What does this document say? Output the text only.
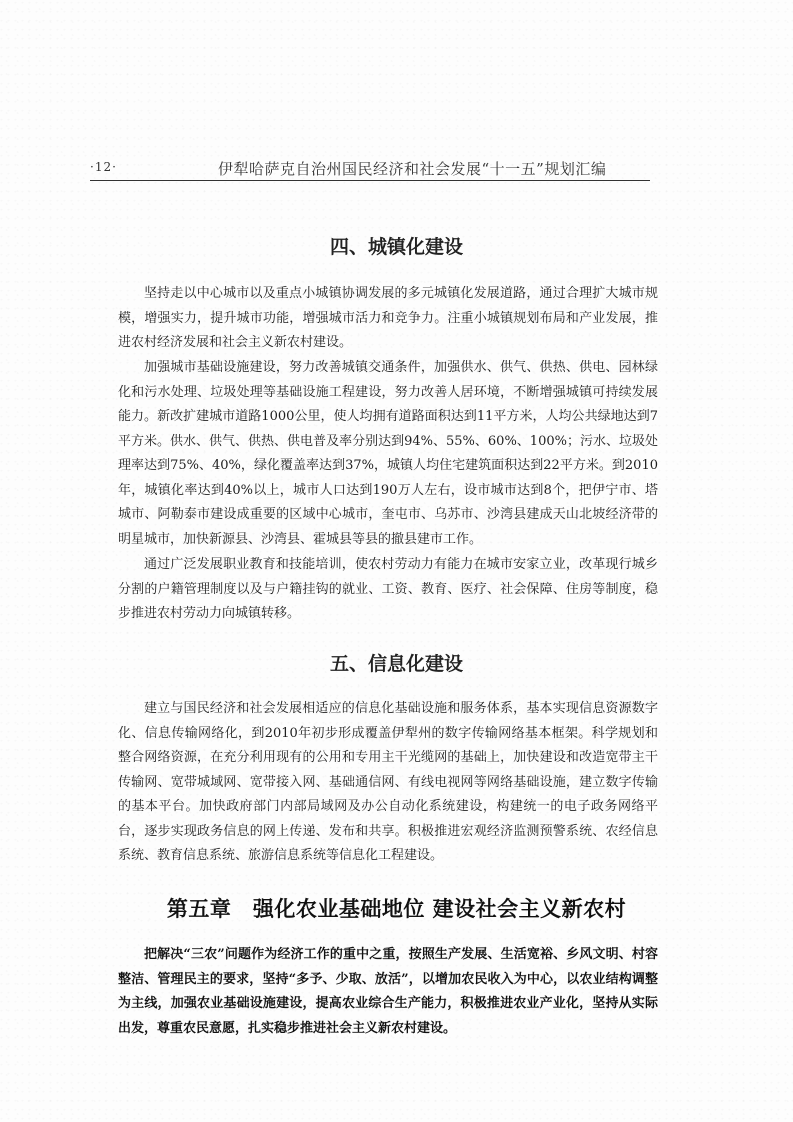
·12·	伊犁哈萨克自治州国民经济和社会发展“十一五”规划汇编
四、城镇化建设
坚持走以中心城市以及重点小城镇协调发展的多元城镇化发展道路，通过合理扩大城市规模，增强实力，提升城市功能，增强城市活力和竞争力。注重小城镇规划布局和产业发展，推进农村经济发展和社会主义新农村建设。
加强城市基础设施建设，努力改善城镇交通条件，加强供水、供气、供热、供电、园林绿化和污水处理、垃圾处理等基础设施工程建设，努力改善人居环境，不断增强城镇可持续发展能力。新改扩建城市道路1000公里，使人均拥有道路面积达到11平方米，人均公共绿地达到7平方米。供水、供气、供热、供电普及率分别达到94%、55%、60%、100%；污水、垃圾处理率达到75%、40%，绿化覆盖率达到37%，城镇人均住宅建筑面积达到22平方米。到2010年，城镇化率达到40%以上，城市人口达到190万人左右，设市城市达到8个，把伊宁市、塔城市、阿勒泰市建设成重要的区域中心城市，奎屯市、乌苏市、沙湾县建成天山北坡经济带的明星城市，加快新源县、沙湾县、霍城县等县的撤县建市工作。
通过广泛发展职业教育和技能培训，使农村劳动力有能力在城市安家立业，改革现行城乡分割的户籍管理制度以及与户籍挂钩的就业、工资、教育、医疗、社会保障、住房等制度，稳步推进农村劳动力向城镇转移。
五、信息化建设
建立与国民经济和社会发展相适应的信息化基础设施和服务体系，基本实现信息资源数字化、信息传输网络化，到2010年初步形成覆盖伊犁州的数字传输网络基本框架。科学规划和整合网络资源，在充分利用现有的公用和专用主干光缆网的基础上，加快建设和改造宽带主干传输网、宽带城域网、宽带接入网、基础通信网、有线电视网等网络基础设施，建立数字传输的基本平台。加快政府部门内部局域网及办公自动化系统建设，构建统一的电子政务网络平台，逐步实现政务信息的网上传递、发布和共享。积极推进宏观经济监测预警系统、农经信息系统、教育信息系统、旅游信息系统等信息化工程建设。
第五章　强化农业基础地位 建设社会主义新农村
把解决“三农”问题作为经济工作的重中之重，按照生产发展、生活宽裕、乡风文明、村容整洁、管理民主的要求，坚持“多予、少取、放活”，以增加农民收入为中心，以农业结构调整为主线，加强农业基础设施建设，提高农业综合生产能力，积极推进农业产业化，坚持从实际出发，尊重农民意愿，扎实稳步推进社会主义新农村建设。
